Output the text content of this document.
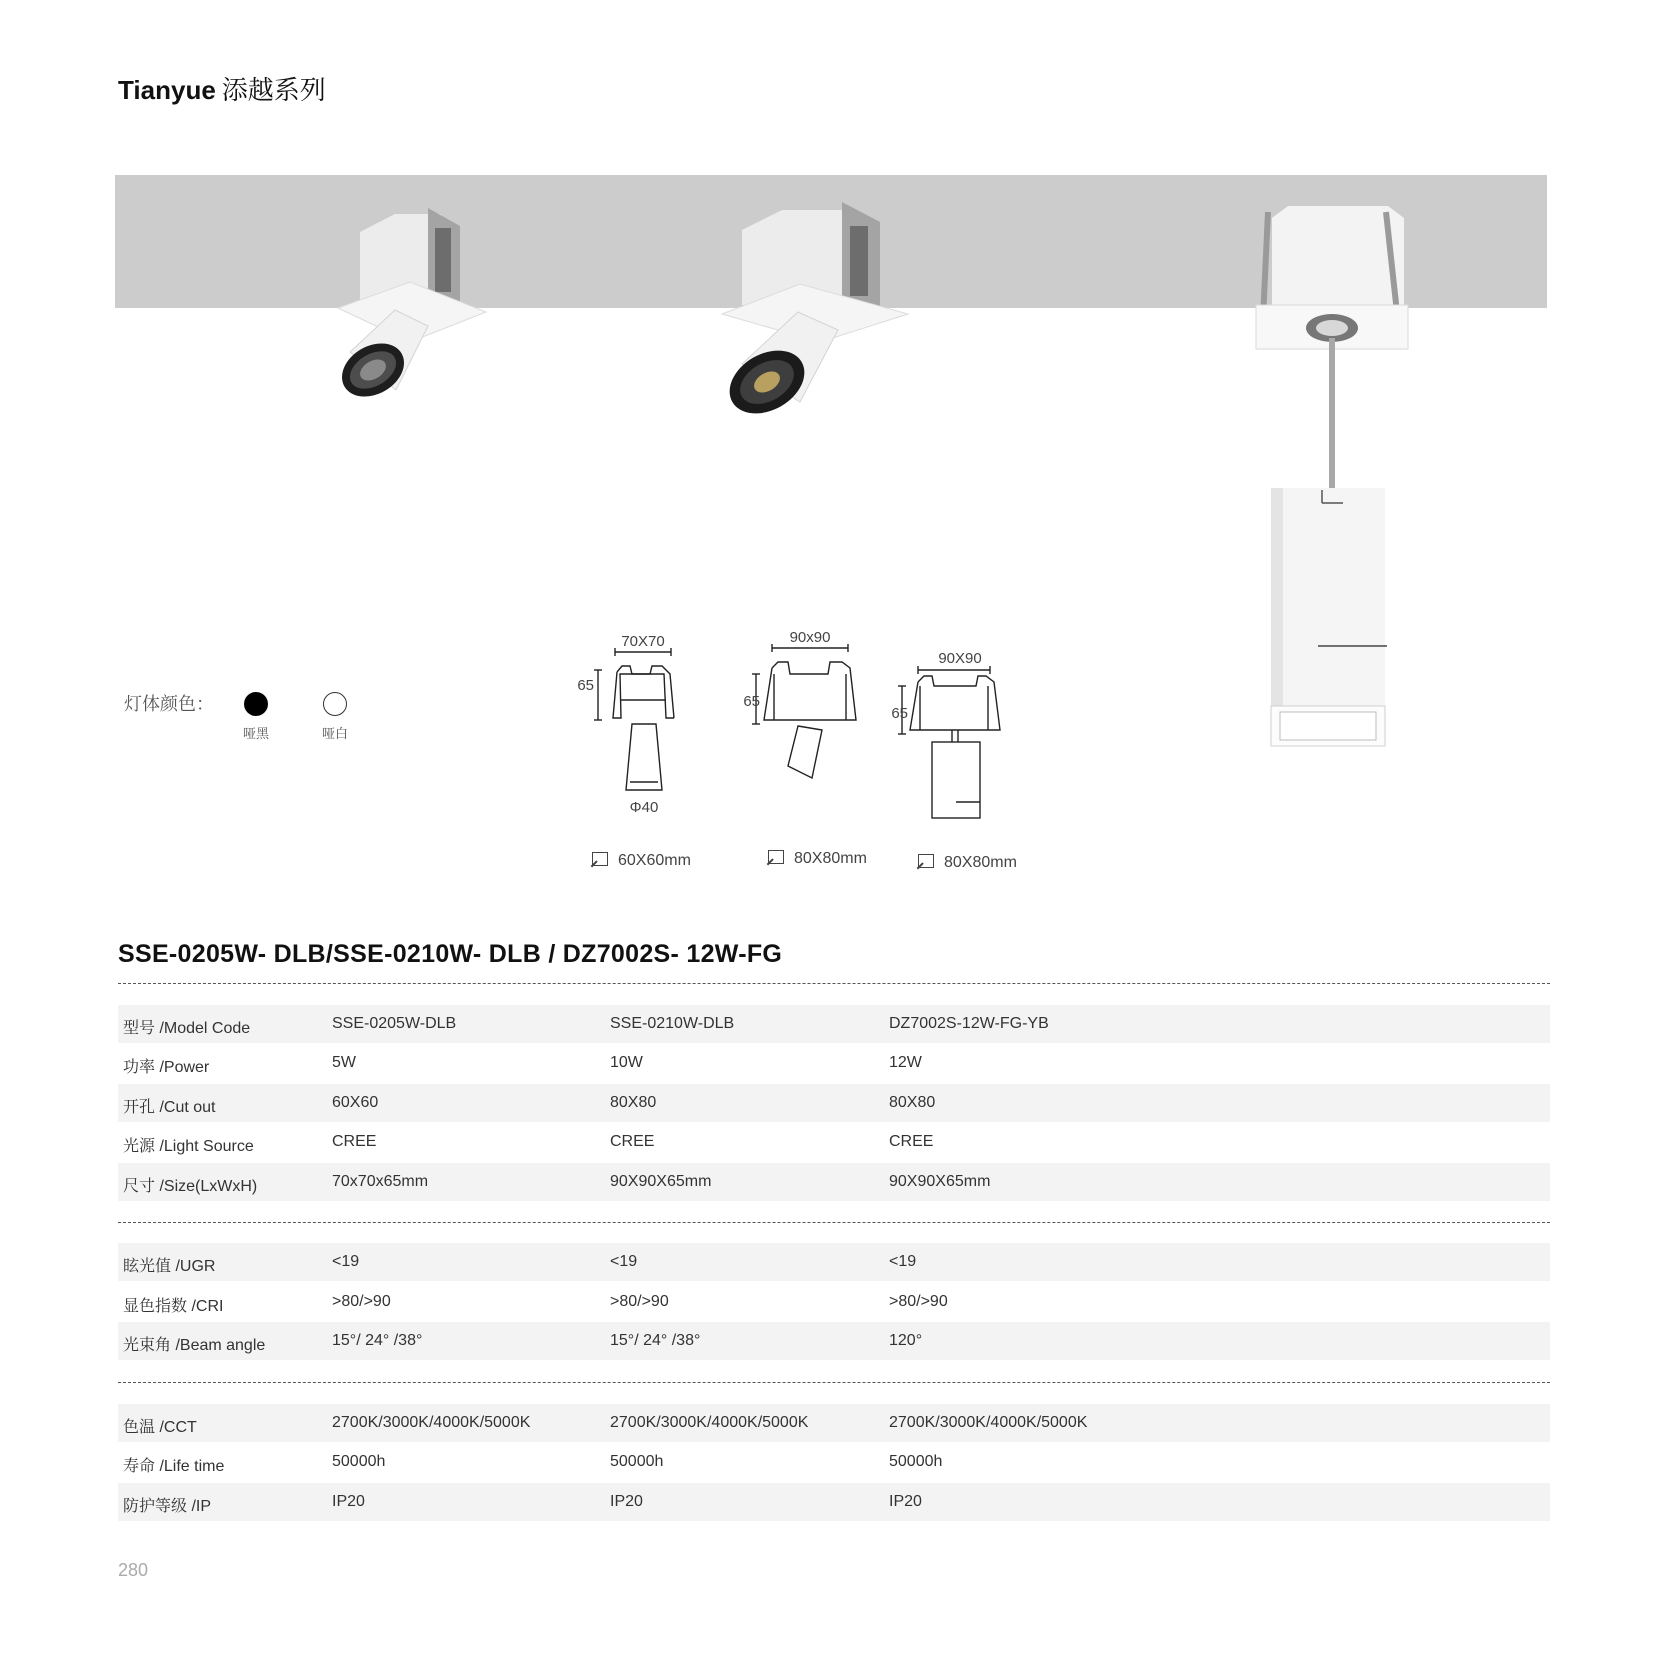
Tianyue 添越系列
灯体颜色：
哑黑	哑白
70X70
65
Φ40
90x90
65
90X90
65
60X60mm	80X80mm	80X80mm
SSE-0205W- DLB/SSE-0210W- DLB / DZ7002S- 12W-FG
型号 /Model Code	SSE-0205W-DLB	SSE-0210W-DLB	DZ7002S-12W-FG-YB
功率 /Power	5W	10W	12W
开孔 /Cut out	60X60	80X80	80X80
光源 /Light Source	CREE	CREE	CREE
尺寸 /Size(LxWxH)	70x70x65mm	90X90X65mm	90X90X65mm
眩光值 /UGR	<19	<19	<19
显色指数 /CRI	>80/>90	>80/>90	>80/>90
光束角 /Beam angle	15°/ 24° /38°	15°/ 24° /38°	120°
色温 /CCT	2700K/3000K/4000K/5000K	2700K/3000K/4000K/5000K	2700K/3000K/4000K/5000K
寿命 /Life time	50000h	50000h	50000h
防护等级 /IP	IP20	IP20	IP20
280
